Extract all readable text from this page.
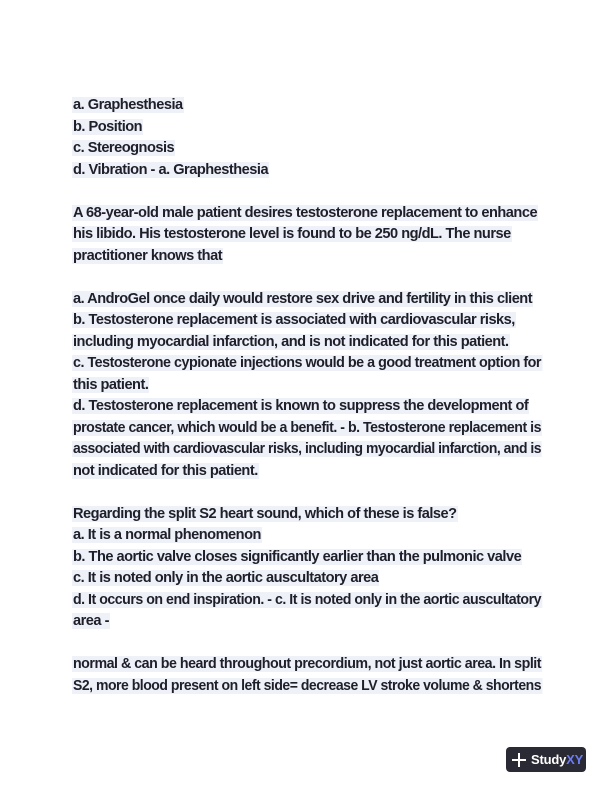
a. Graphesthesia
b. Position
c. Stereognosis
d. Vibration - a. Graphesthesia
A 68-year-old male patient desires testosterone replacement to enhance
his libido. His testosterone level is found to be 250 ng/dL. The nurse
practitioner knows that
a. AndroGel once daily would restore sex drive and fertility in this client
b. Testosterone replacement is associated with cardiovascular risks,
including myocardial infarction, and is not indicated for this patient.
c. Testosterone cypionate injections would be a good treatment option for
this patient.
d. Testosterone replacement is known to suppress the development of
prostate cancer, which would be a benefit. - b. Testosterone replacement is
associated with cardiovascular risks, including myocardial infarction, and is
not indicated for this patient.
Regarding the split S2 heart sound, which of these is false?
a. It is a normal phenomenon
b. The aortic valve closes significantly earlier than the pulmonic valve
c. It is noted only in the aortic auscultatory area
d. It occurs on end inspiration. - c. It is noted only in the aortic auscultatory
area -
normal & can be heard throughout precordium, not just aortic area. In split
S2, more blood present on left side= decrease LV stroke volume & shortens
StudyXY
